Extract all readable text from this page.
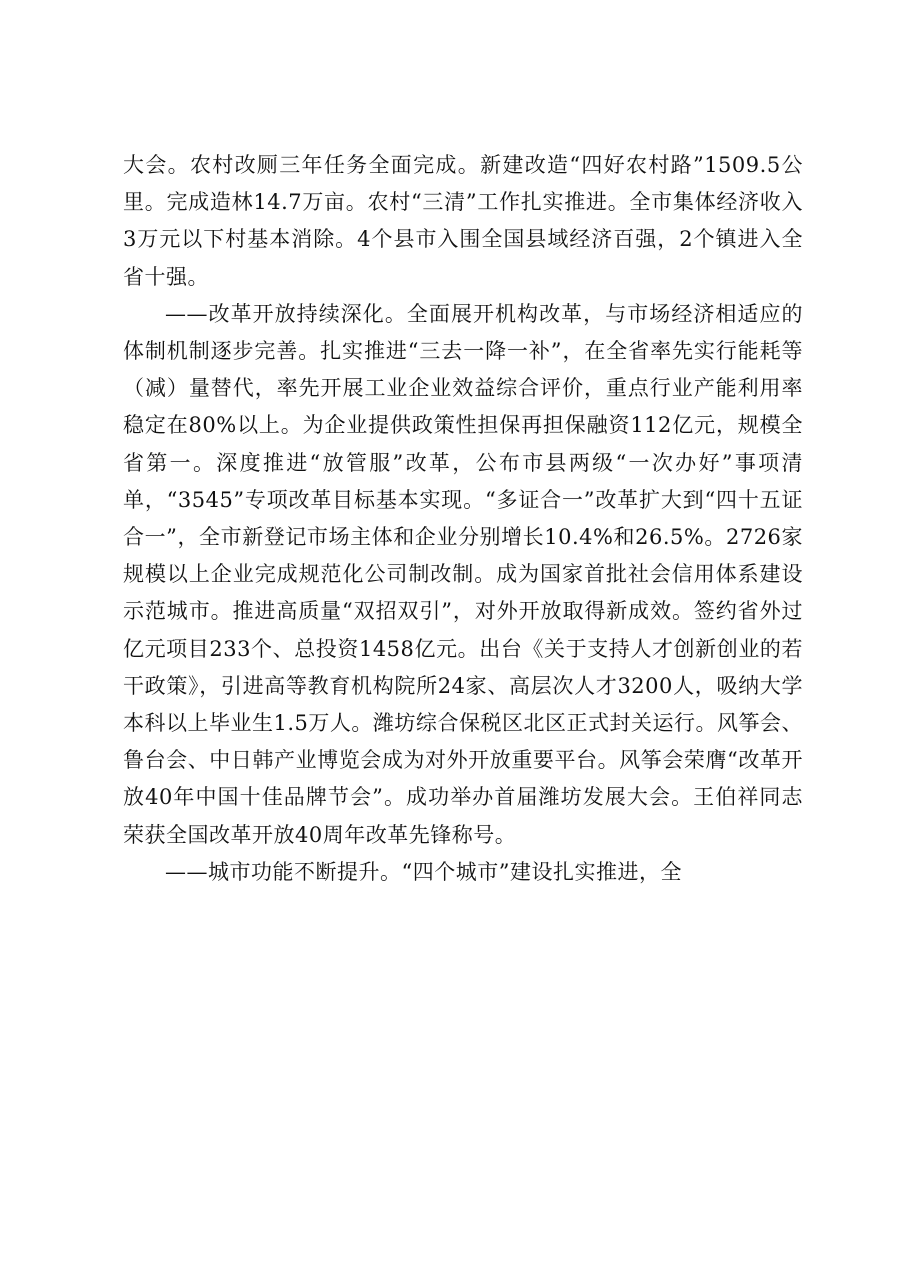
大会。农村改厕三年任务全面完成。新建改造“四好农村路”1509.5公里。完成造林14.7万亩。农村“三清”工作扎实推进。全市集体经济收入3万元以下村基本消除。4个县市入围全国县域经济百强，2个镇进入全省十强。

——改革开放持续深化。全面展开机构改革，与市场经济相适应的体制机制逐步完善。扎实推进“三去一降一补”，在全省率先实行能耗等（减）量替代，率先开展工业企业效益综合评价，重点行业产能利用率稳定在80%以上。为企业提供政策性担保再担保融资112亿元，规模全省第一。深度推进“放管服”改革，公布市县两级“一次办好”事项清单，“3545”专项改革目标基本实现。“多证合一”改革扩大到“四十五证合一”，全市新登记市场主体和企业分别增长10.4%和26.5%。2726家规模以上企业完成规范化公司制改制。成为国家首批社会信用体系建设示范城市。推进高质量“双招双引”，对外开放取得新成效。签约省外过亿元项目233个、总投资1458亿元。出台《关于支持人才创新创业的若干政策》，引进高等教育机构院所24家、高层次人才3200人，吸纳大学本科以上毕业生1.5万人。潍坊综合保税区北区正式封关运行。风筝会、鲁台会、中日韩产业博览会成为对外开放重要平台。风筝会荣膺“改革开放40年中国十佳品牌节会”。成功举办首届潍坊发展大会。王伯祥同志荣获全国改革开放40周年改革先锋称号。

——城市功能不断提升。“四个城市”建设扎实推进，全
